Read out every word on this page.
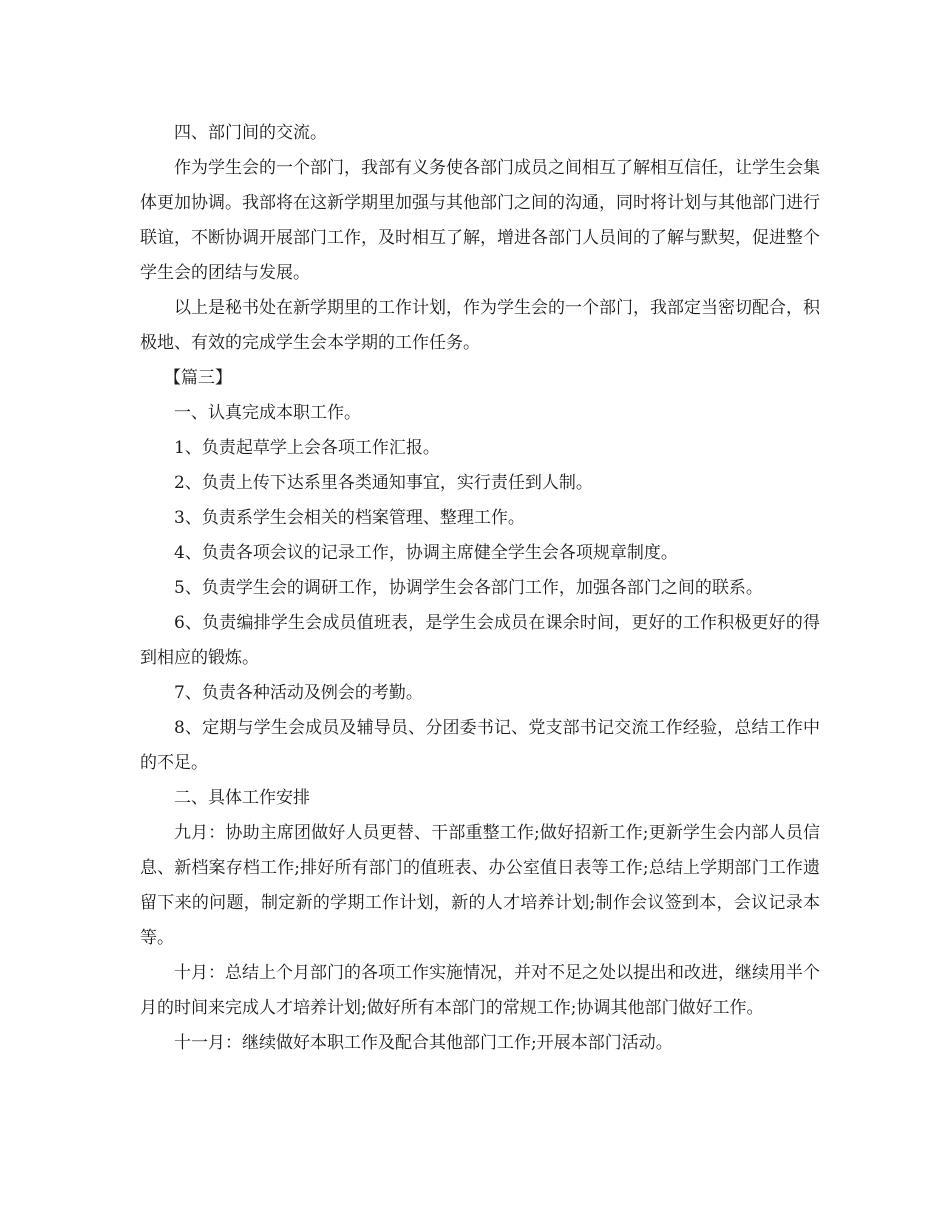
四、部门间的交流。

作为学生会的一个部门，我部有义务使各部门成员之间相互了解相互信任，让学生会集体更加协调。我部将在这新学期里加强与其他部门之间的沟通，同时将计划与其他部门进行联谊，不断协调开展部门工作，及时相互了解，增进各部门人员间的了解与默契，促进整个学生会的团结与发展。

以上是秘书处在新学期里的工作计划，作为学生会的一个部门，我部定当密切配合，积极地、有效的完成学生会本学期的工作任务。

【篇三】

一、认真完成本职工作。

1、负责起草学上会各项工作汇报。

2、负责上传下达系里各类通知事宜，实行责任到人制。

3、负责系学生会相关的档案管理、整理工作。

4、负责各项会议的记录工作，协调主席健全学生会各项规章制度。

5、负责学生会的调研工作，协调学生会各部门工作，加强各部门之间的联系。

6、负责编排学生会成员值班表，是学生会成员在课余时间，更好的工作积极更好的得到相应的锻炼。

7、负责各种活动及例会的考勤。

8、定期与学生会成员及辅导员、分团委书记、党支部书记交流工作经验，总结工作中的不足。

二、具体工作安排

九月：协助主席团做好人员更替、干部重整工作;做好招新工作;更新学生会内部人员信息、新档案存档工作;排好所有部门的值班表、办公室值日表等工作;总结上学期部门工作遗留下来的问题，制定新的学期工作计划，新的人才培养计划;制作会议签到本，会议记录本等。

十月：总结上个月部门的各项工作实施情况，并对不足之处以提出和改进，继续用半个月的时间来完成人才培养计划;做好所有本部门的常规工作;协调其他部门做好工作。

十一月：继续做好本职工作及配合其他部门工作;开展本部门活动。
